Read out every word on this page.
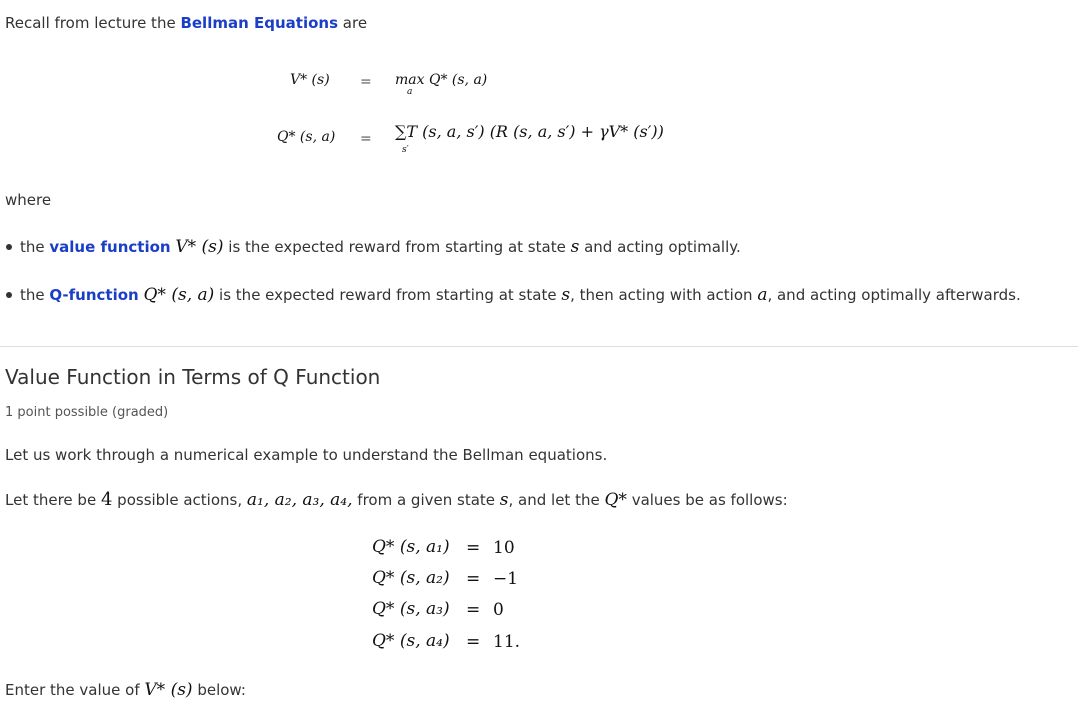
Recall from lecture the Bellman Equations are
V* (s) = max Q* (s, a)
a
Q* (s, a) = ∑T (s, a, s′) (R (s, a, s′) + γV* (s′))
s′
where
the value function V* (s) is the expected reward from starting at state s and acting optimally.
the Q-function Q* (s, a) is the expected reward from starting at state s, then acting with action a, and acting optimally afterwards.
Value Function in Terms of Q Function
1 point possible (graded)
Let us work through a numerical example to understand the Bellman equations.
Let there be 4 possible actions, a₁, a₂, a₃, a₄, from a given state s, and let the Q* values be as follows:
Q* (s, a₁) = 10
Q* (s, a₂) = −1
Q* (s, a₃) = 0
Q* (s, a₄) = 11.
Enter the value of V* (s) below:
